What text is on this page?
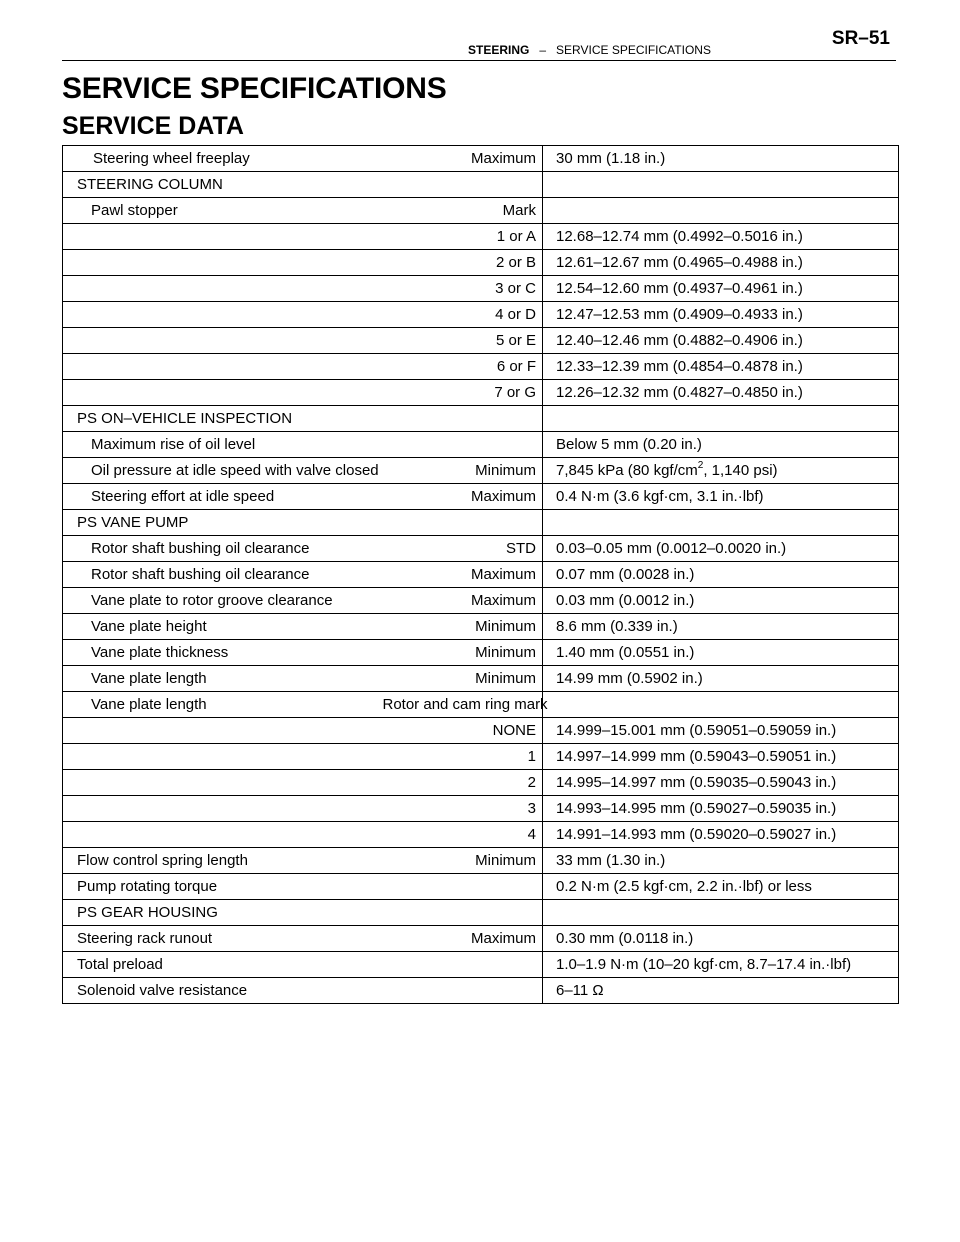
STEERING – SERVICE SPECIFICATIONS
SR–51
SERVICE SPECIFICATIONS
SERVICE DATA
Steering wheel freeplay	Maximum	30 mm (1.18 in.)
STEERING COLUMN		
Pawl stopper	Mark	
	1 or A	12.68–12.74 mm (0.4992–0.5016 in.)
	2 or B	12.61–12.67 mm (0.4965–0.4988 in.)
	3 or C	12.54–12.60 mm (0.4937–0.4961 in.)
	4 or D	12.47–12.53 mm (0.4909–0.4933 in.)
	5 or E	12.40–12.46 mm (0.4882–0.4906 in.)
	6 or F	12.33–12.39 mm (0.4854–0.4878 in.)
	7 or G	12.26–12.32 mm (0.4827–0.4850 in.)
PS ON–VEHICLE INSPECTION		
Maximum rise of oil level		Below 5 mm (0.20 in.)
Oil pressure at idle speed with valve closed	Minimum	7,845 kPa (80 kgf/$cm^2$, 1,140 psi)
Steering effort at idle speed	Maximum	0.4 N·m (3.6 kgf·cm, 3.1 in.·lbf)
PS VANE PUMP		
Rotor shaft bushing oil clearance	STD	0.03–0.05 mm (0.0012–0.0020 in.)
Rotor shaft bushing oil clearance	Maximum	0.07 mm (0.0028 in.)
Vane plate to rotor groove clearance	Maximum	0.03 mm (0.0012 in.)
Vane plate height	Minimum	8.6 mm (0.339 in.)
Vane plate thickness	Minimum	1.40 mm (0.0551 in.)
Vane plate length	Minimum	14.99 mm (0.5902 in.)
Vane plate length	Rotor and cam ring mark	
	NONE	14.999–15.001 mm (0.59051–0.59059 in.)
	1	14.997–14.999 mm (0.59043–0.59051 in.)
	2	14.995–14.997 mm (0.59035–0.59043 in.)
	3	14.993–14.995 mm (0.59027–0.59035 in.)
	4	14.991–14.993 mm (0.59020–0.59027 in.)
Flow control spring length	Minimum	33 mm (1.30 in.)
Pump rotating torque		0.2 N·m (2.5 kgf·cm, 2.2 in.·lbf) or less
PS GEAR HOUSING		
Steering rack runout	Maximum	0.30 mm (0.0118 in.)
Total preload		1.0–1.9 N·m (10–20 kgf·cm, 8.7–17.4 in.·lbf)
Solenoid valve resistance		6–11 Ω
